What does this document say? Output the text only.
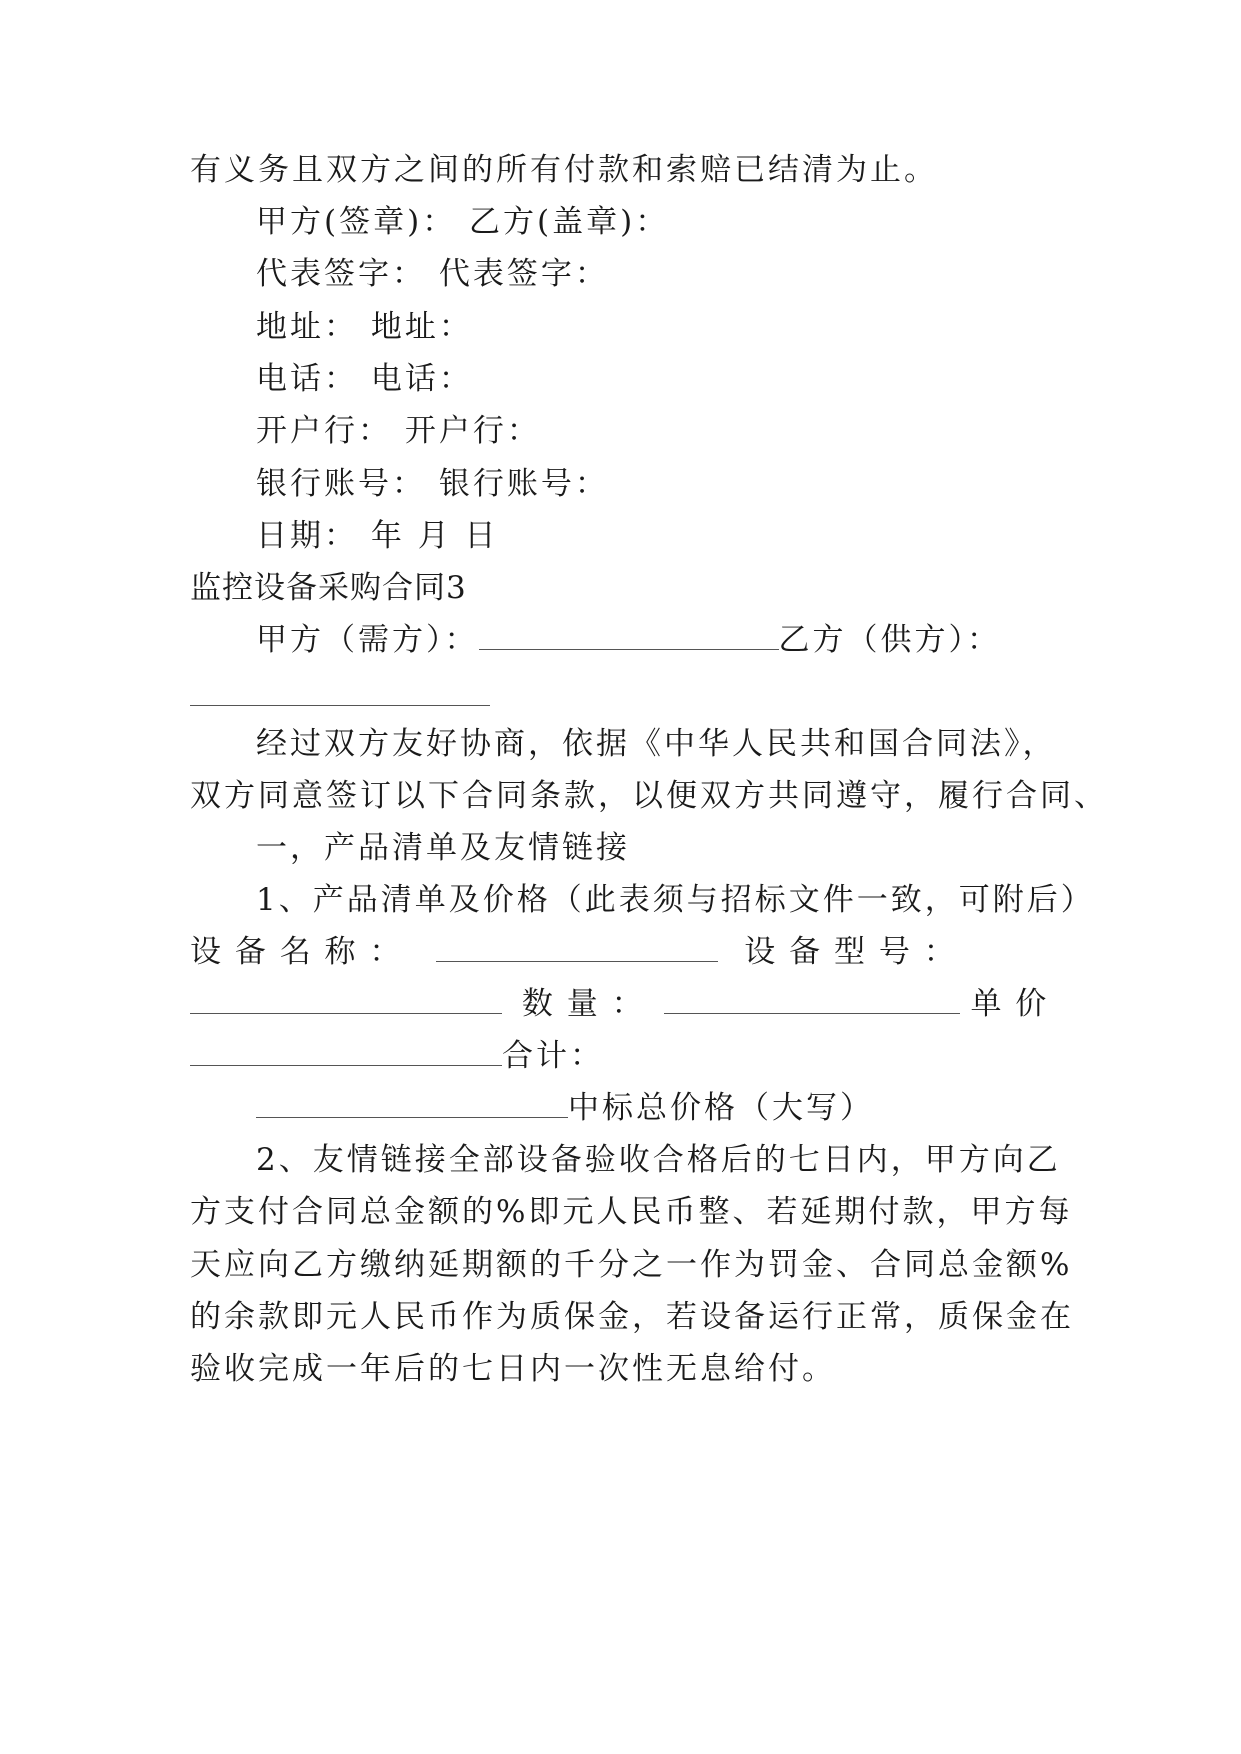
有义务且双方之间的所有付款和索赔已结清为止。
甲方(签章)： 乙方(盖章)：
代表签字： 代表签字：
地址： 地址：
电话： 电话：
开户行： 开户行：
银行账号： 银行账号：
日期： 年 月 日
监控设备采购合同3
甲方（需方）：	乙方（供方）：
经过双方友好协商，依据《中华人民共和国合同法》，
双方同意签订以下合同条款，以便双方共同遵守，履行合同、
一，产品清单及友情链接
1、产品清单及价格（此表须与招标文件一致，可附后）
设 备 名 称 ：	设 备 型 号 ：
数 量 ：	单 价
合计：
中标总价格（大写）
2、友情链接全部设备验收合格后的七日内，甲方向乙
方支付合同总金额的%即元人民币整、若延期付款，甲方每
天应向乙方缴纳延期额的千分之一作为罚金、合同总金额%
的余款即元人民币作为质保金，若设备运行正常，质保金在
验收完成一年后的七日内一次性无息给付。
